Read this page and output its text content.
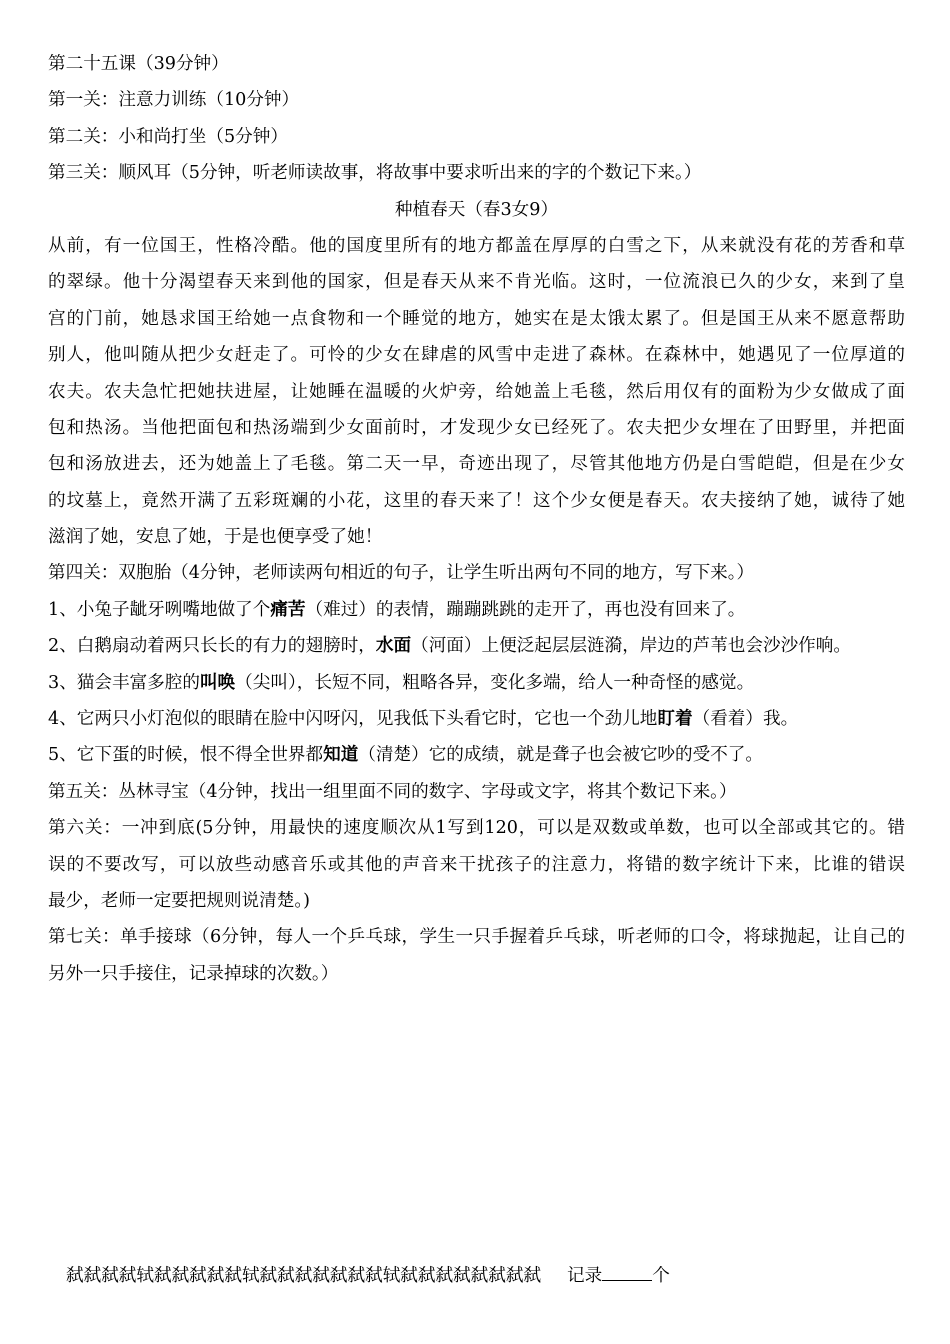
第二十五课（39分钟）
第一关：注意力训练（10分钟）
第二关：小和尚打坐（5分钟）
第三关：顺风耳（5分钟，听老师读故事，将故事中要求听出来的字的个数记下来。）
种植春天（春3女9）
从前，有一位国王，性格冷酷。他的国度里所有的地方都盖在厚厚的白雪之下，从来就没有花的芳香和草
的翠绿。他十分渴望春天来到他的国家，但是春天从来不肯光临。这时，一位流浪已久的少女，来到了皇
宫的门前，她恳求国王给她一点食物和一个睡觉的地方，她实在是太饿太累了。但是国王从来不愿意帮助
别人，他叫随从把少女赶走了。可怜的少女在肆虐的风雪中走进了森林。在森林中，她遇见了一位厚道的
农夫。农夫急忙把她扶进屋，让她睡在温暖的火炉旁，给她盖上毛毯，然后用仅有的面粉为少女做成了面
包和热汤。当他把面包和热汤端到少女面前时，才发现少女已经死了。农夫把少女埋在了田野里，并把面
包和汤放进去，还为她盖上了毛毯。第二天一早，奇迹出现了，尽管其他地方仍是白雪皑皑，但是在少女
的坟墓上，竟然开满了五彩斑斓的小花，这里的春天来了！这个少女便是春天。农夫接纳了她，诚待了她
滋润了她，安息了她，于是也便享受了她！
第四关：双胞胎（4分钟，老师读两句相近的句子，让学生听出两句不同的地方，写下来。）
1、小兔子龇牙咧嘴地做了个痛苦（难过）的表情，蹦蹦跳跳的走开了，再也没有回来了。
2、白鹅扇动着两只长长的有力的翅膀时，水面（河面）上便泛起层层涟漪，岸边的芦苇也会沙沙作响。
3、猫会丰富多腔的叫唤（尖叫），长短不同，粗略各异，变化多端，给人一种奇怪的感觉。
4、它两只小灯泡似的眼睛在脸中闪呀闪，见我低下头看它时，它也一个劲儿地盯着（看着）我。
5、它下蛋的时候，恨不得全世界都知道（清楚）它的成绩，就是聋子也会被它吵的受不了。
第五关：丛林寻宝（4分钟，找出一组里面不同的数字、字母或文字，将其个数记下来。）
第六关：一冲到底(5分钟，用最快的速度顺次从1写到120，可以是双数或单数，也可以全部或其它的。错
误的不要改写，可以放些动感音乐或其他的声音来干扰孩子的注意力，将错的数字统计下来，比谁的错误
最少，老师一定要把规则说清楚。)
第七关：单手接球（6分钟，每人一个乒乓球，学生一只手握着乒乓球，听老师的口令，将球抛起，让自己的
另外一只手接住，记录掉球的次数。）
弑弑弑弑轼弑弑弑弑弑轼弑弑弑弑弑弑弑轼弑弑弑弑弑弑弑弑 记录	个
